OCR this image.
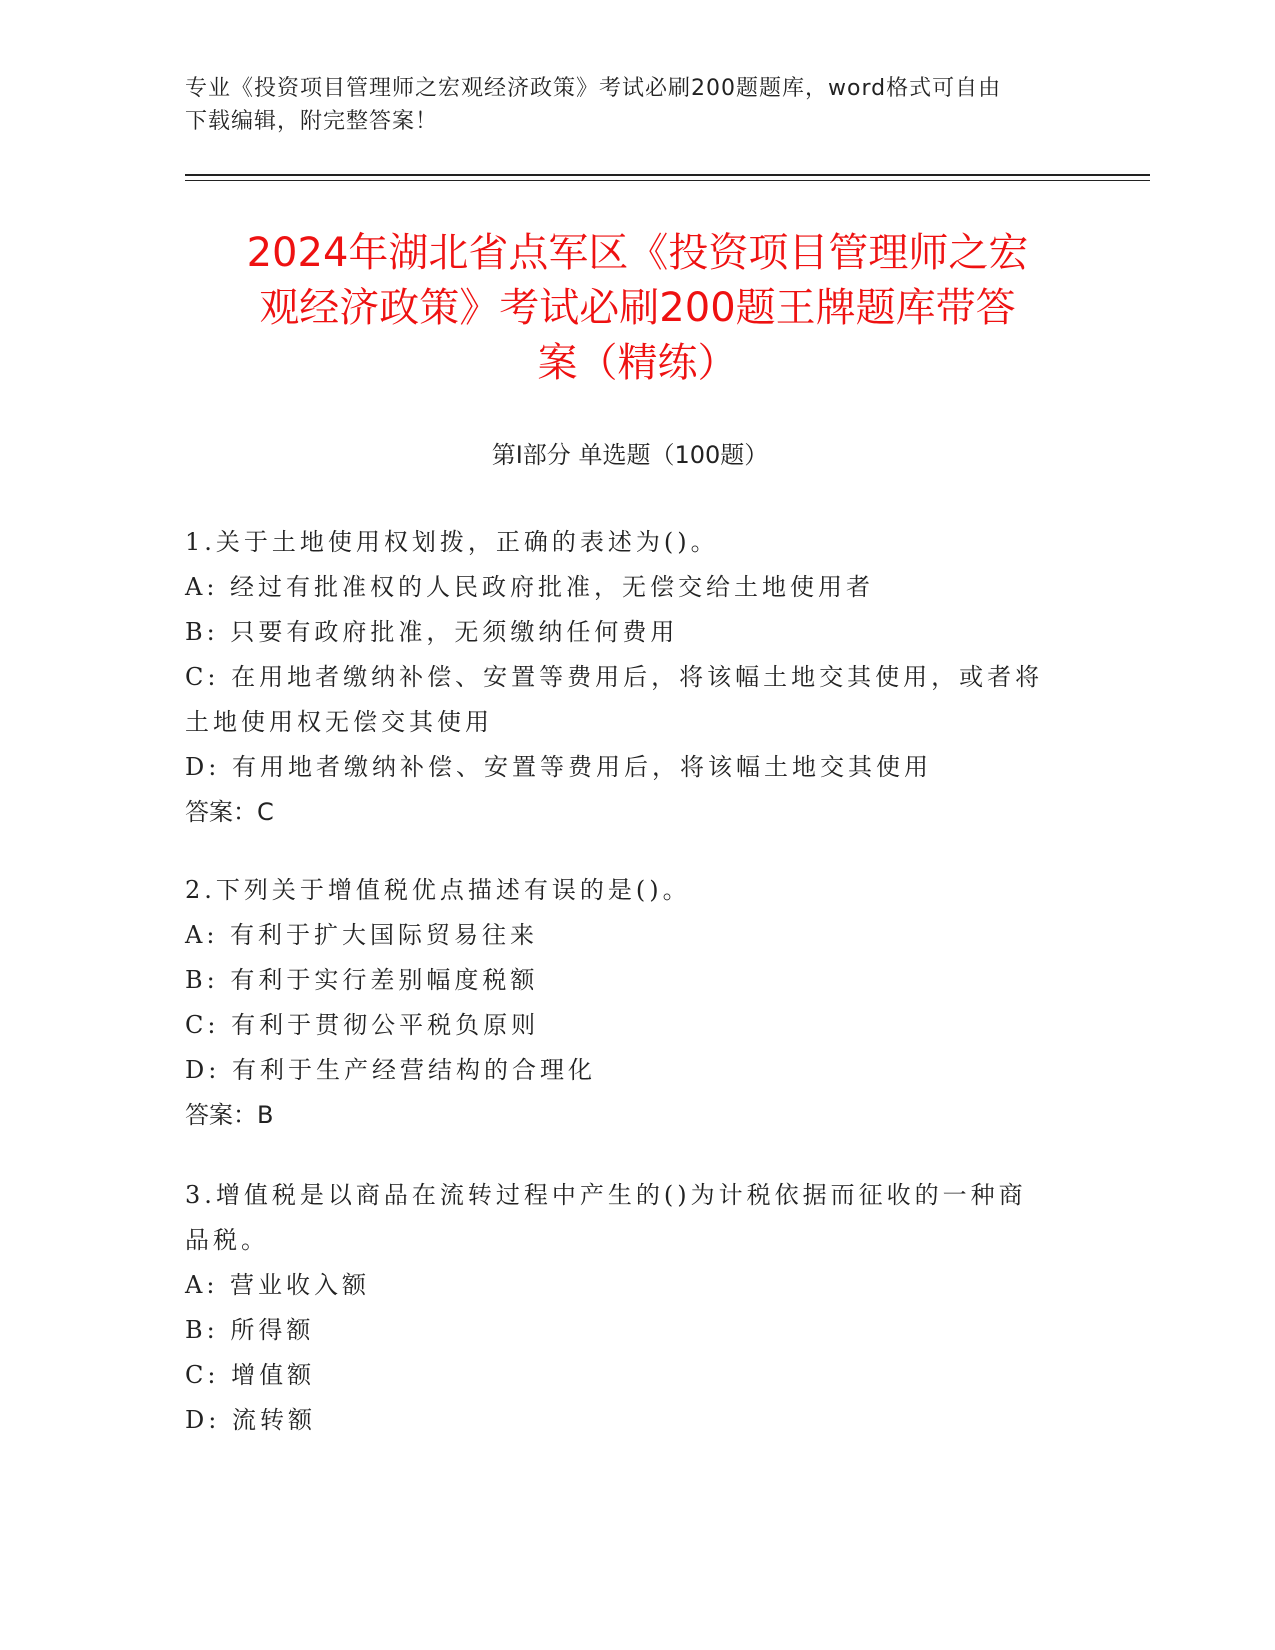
专业《投资项目管理师之宏观经济政策》考试必刷200题题库，word格式可自由
下载编辑，附完整答案！
2024年湖北省点军区《投资项目管理师之宏
观经济政策》考试必刷200题王牌题库带答
案（精练）
第I部分 单选题（100题）

1.关于土地使用权划拨，正确的表述为()。

A: 经过有批准权的人民政府批准，无偿交给土地使用者

B: 只要有政府批准，无须缴纳任何费用

C: 在用地者缴纳补偿、安置等费用后，将该幅土地交其使用，或者将

土地使用权无偿交其使用

D: 有用地者缴纳补偿、安置等费用后，将该幅土地交其使用

答案：C

2.下列关于增值税优点描述有误的是()。

A: 有利于扩大国际贸易往来

B: 有利于实行差别幅度税额

C: 有利于贯彻公平税负原则

D: 有利于生产经营结构的合理化

答案：B

3.增值税是以商品在流转过程中产生的()为计税依据而征收的一种商

品税。

A: 营业收入额

B: 所得额

C: 增值额

D: 流转额
